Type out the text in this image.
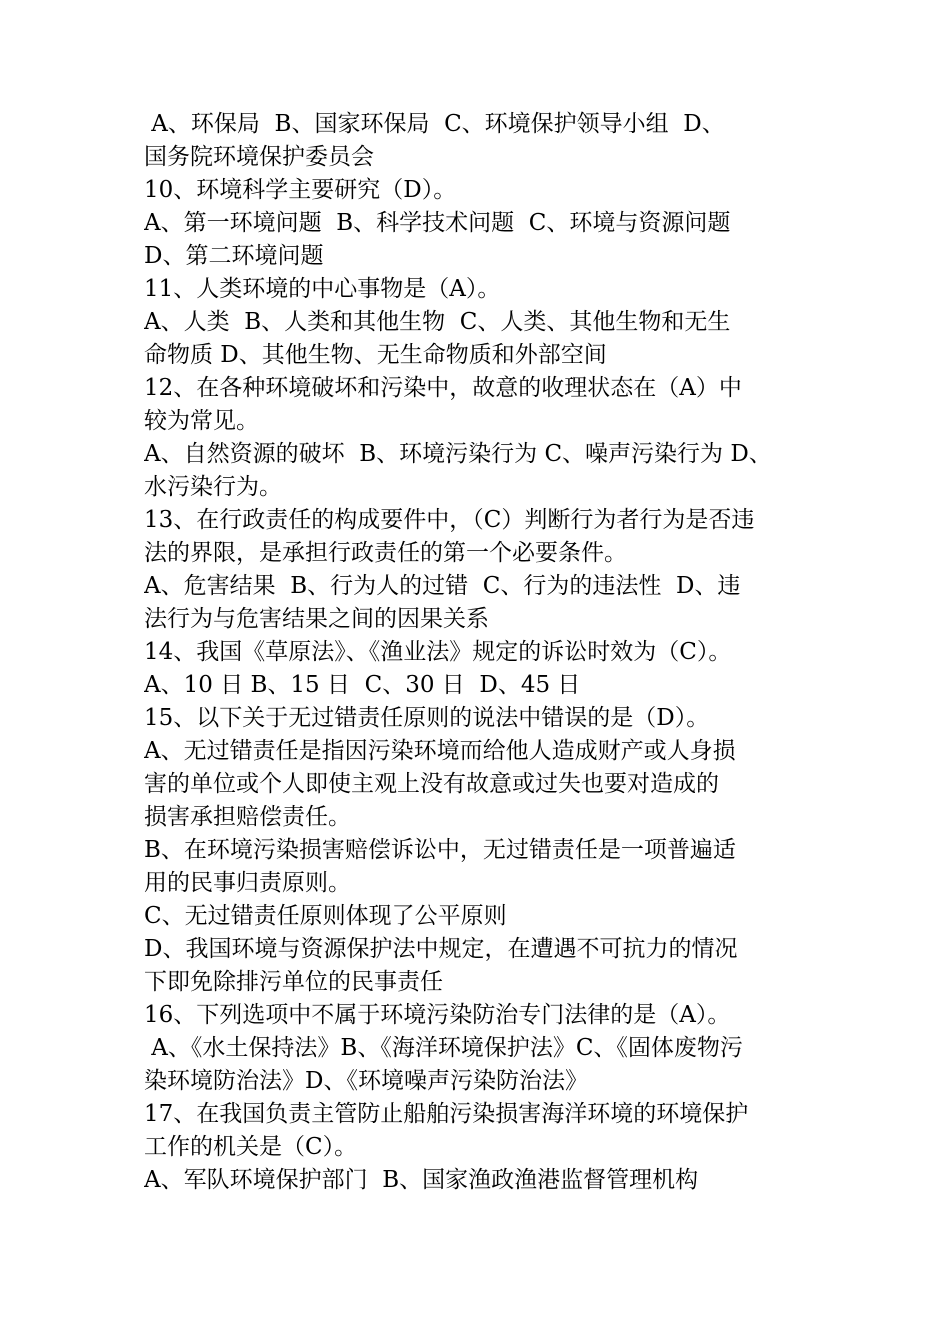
A、环保局  B、国家环保局  C、环境保护领导小组  D、
国务院环境保护委员会
10、环境科学主要研究（D）。
A、第一环境问题  B、科学技术问题  C、环境与资源问题
D、第二环境问题
11、人类环境的中心事物是（A）。
A、人类  B、人类和其他生物  C、人类、其他生物和无生
命物质 D、其他生物、无生命物质和外部空间
12、在各种环境破坏和污染中，故意的收理状态在（A）中
较为常见。
A、自然资源的破坏  B、环境污染行为 C、噪声污染行为 D、
水污染行为。
13、在行政责任的构成要件中，（C）判断行为者行为是否违
法的界限，是承担行政责任的第一个必要条件。
A、危害结果  B、行为人的过错  C、行为的违法性  D、违
法行为与危害结果之间的因果关系
14、我国《草原法》、《渔业法》规定的诉讼时效为（C）。
A、10 日 B、15 日  C、30 日  D、45 日
15、以下关于无过错责任原则的说法中错误的是（D）。
A、无过错责任是指因污染环境而给他人造成财产或人身损
害的单位或个人即使主观上没有故意或过失也要对造成的
损害承担赔偿责任。
B、在环境污染损害赔偿诉讼中，无过错责任是一项普遍适
用的民事归责原则。
C、无过错责任原则体现了公平原则
D、我国环境与资源保护法中规定，在遭遇不可抗力的情况
下即免除排污单位的民事责任
16、下列选项中不属于环境污染防治专门法律的是（A）。
A、《水土保持法》B、《海洋环境保护法》C、《固体废物污
染环境防治法》D、《环境噪声污染防治法》
17、在我国负责主管防止船舶污染损害海洋环境的环境保护
工作的机关是（C）。
A、军队环境保护部门  B、国家渔政渔港监督管理机构
